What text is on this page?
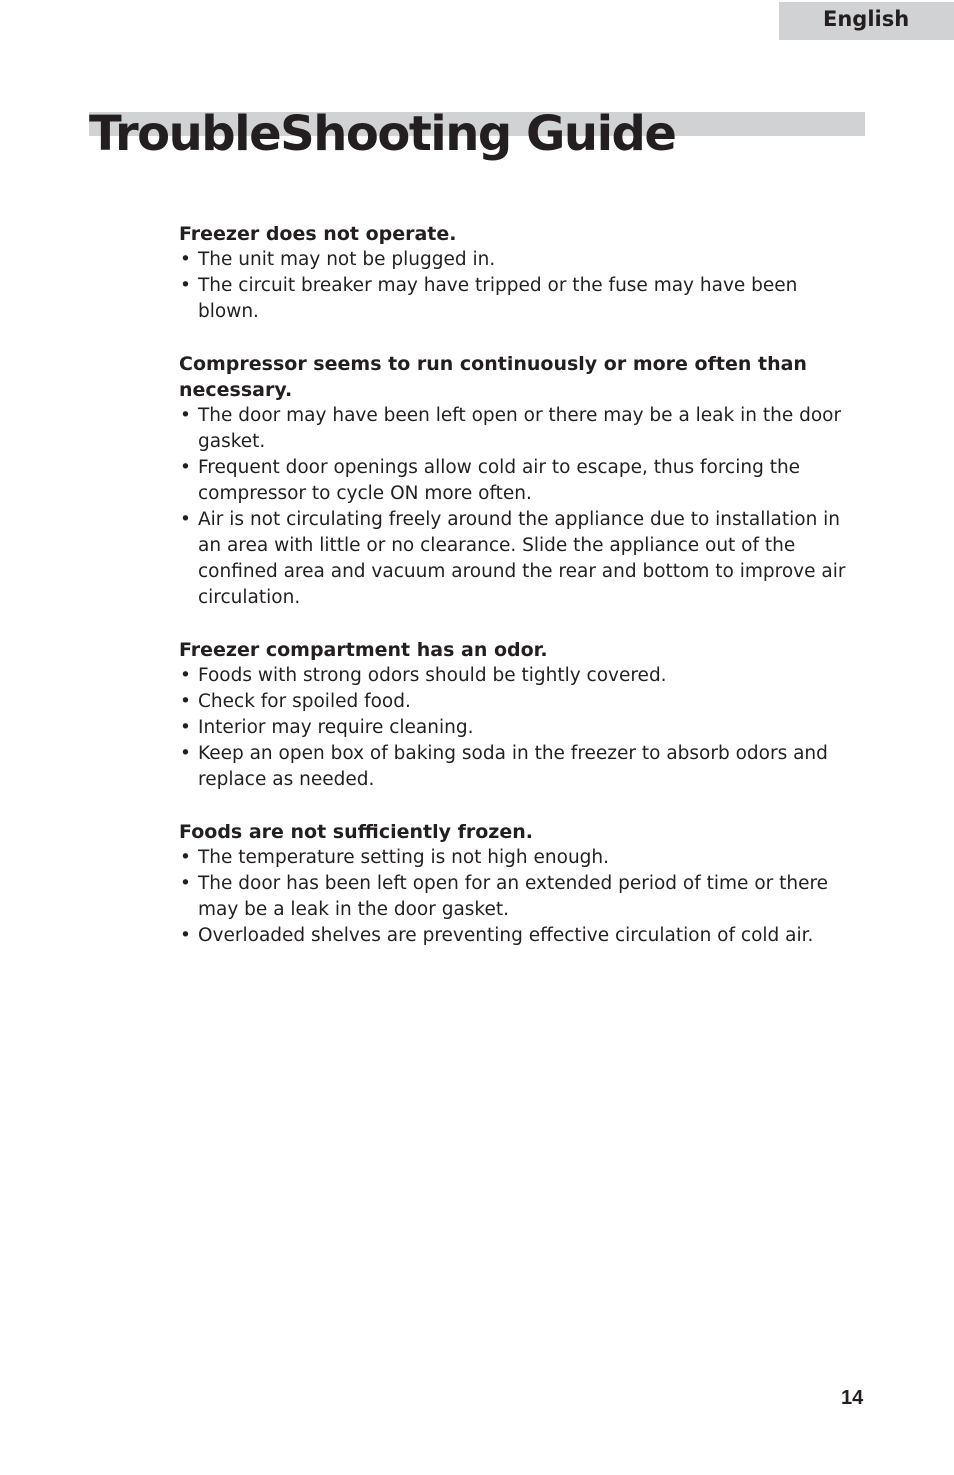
English
TroubleShooting Guide
Freezer does not operate.
• The unit may not be plugged in.
• The circuit breaker may have tripped or the fuse may have been blown.
Compressor seems to run continuously or more often than necessary.
• The door may have been left open or there may be a leak in the door gasket.
• Frequent door openings allow cold air to escape, thus forcing the compressor to cycle ON more often.
• Air is not circulating freely around the appliance due to installation in an area with little or no clearance. Slide the appliance out of the confined area and vacuum around the rear and bottom to improve air circulation.
Freezer compartment has an odor.
• Foods with strong odors should be tightly covered.
• Check for spoiled food.
• Interior may require cleaning.
• Keep an open box of baking soda in the freezer to absorb odors and replace as needed.
Foods are not sufficiently frozen.
• The temperature setting is not high enough.
• The door has been left open for an extended period of time or there may be a leak in the door gasket.
• Overloaded shelves are preventing effective circulation of cold air.
14
